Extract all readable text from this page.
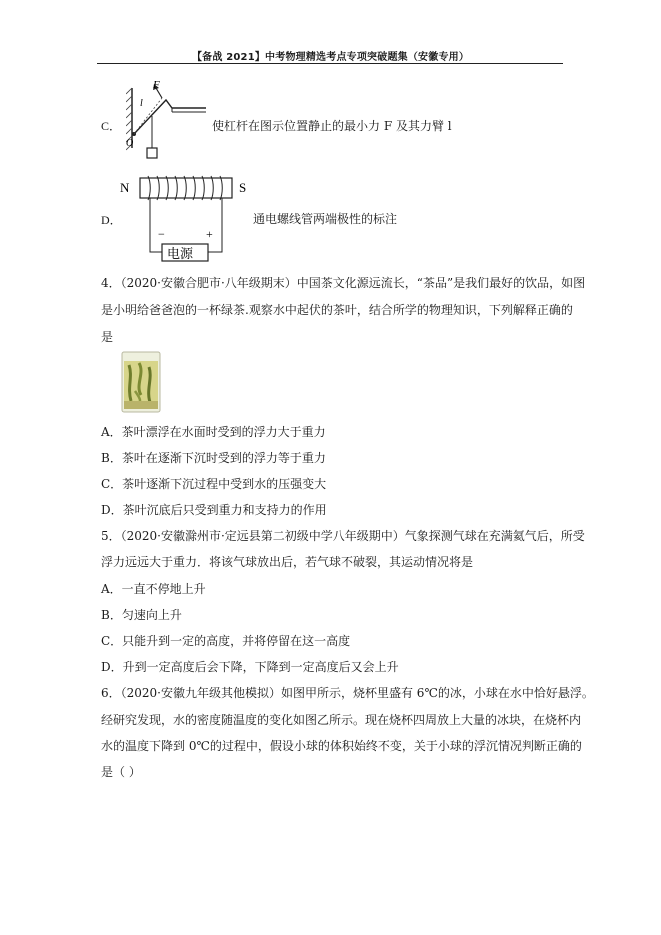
【备战 2021】中考物理精选考点专项突破题集（安徽专用）
C．
F
l
O
使杠杆在图示位置静止的最小力 F 及其力臂 l
D．
N	S
电源
−	+
通电螺线管两端极性的标注
4．（2020·安徽合肥市·八年级期末）中国茶文化源远流长，“茶品”是我们最好的饮品，如图
是小明给爸爸泡的一杯绿茶.观察水中起伏的茶叶，结合所学的物理知识，下列解释正确的
是
A．茶叶漂浮在水面时受到的浮力大于重力
B．茶叶在逐渐下沉时受到的浮力等于重力
C．茶叶逐渐下沉过程中受到水的压强变大
D．茶叶沉底后只受到重力和支持力的作用
5．（2020·安徽滁州市·定远县第二初级中学八年级期中）气象探测气球在充满氦气后，所受
浮力远远大于重力．将该气球放出后，若气球不破裂，其运动情况将是
A．一直不停地上升
B．匀速向上升
C．只能升到一定的高度，并将停留在这一高度
D．升到一定高度后会下降，下降到一定高度后又会上升
6．（2020·安徽九年级其他模拟）如图甲所示，烧杯里盛有 6℃的冰，小球在水中恰好悬浮。
经研究发现，水的密度随温度的变化如图乙所示。现在烧杯四周放上大量的冰块，在烧杯内
水的温度下降到 0℃的过程中，假设小球的体积始终不变，关于小球的浮沉情况判断正确的
是（ ）
